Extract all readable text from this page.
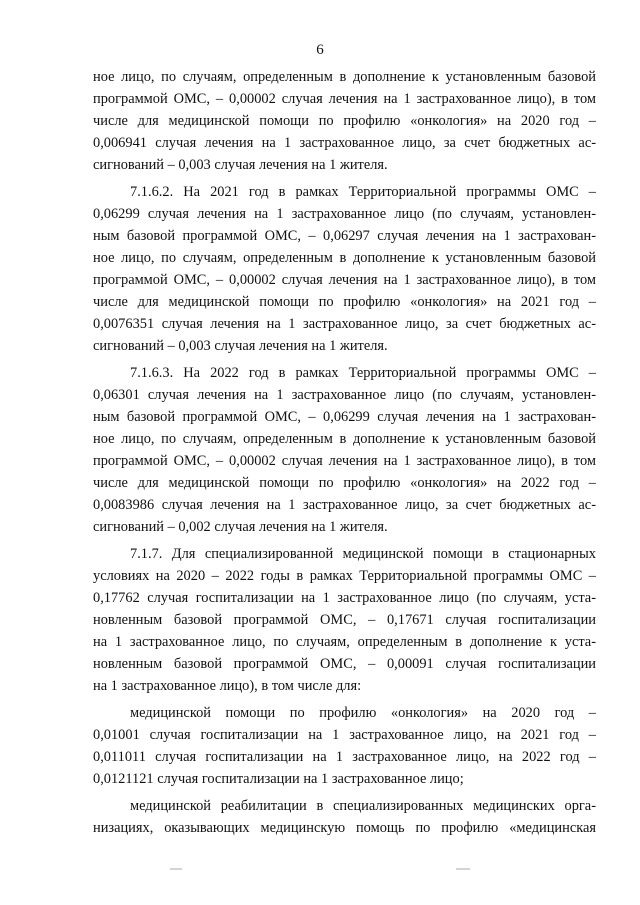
6
ное лицо, по случаям, определенным в дополнение к установленным базовой
программой ОМС, – 0,00002 случая лечения на 1 застрахованное лицо), в том
числе для медицинской помощи по профилю «онкология» на 2020 год –
0,006941 случая лечения на 1 застрахованное лицо, за счет бюджетных ас-
сигнований – 0,003 случая лечения на 1 жителя.
7.1.6.2. На 2021 год в рамках Территориальной программы ОМС –
0,06299 случая лечения на 1 застрахованное лицо (по случаям, установлен-
ным базовой программой ОМС, – 0,06297 случая лечения на 1 застрахован-
ное лицо, по случаям, определенным в дополнение к установленным базовой
программой ОМС, – 0,00002 случая лечения на 1 застрахованное лицо), в том
числе для медицинской помощи по профилю «онкология» на 2021 год –
0,0076351 случая лечения на 1 застрахованное лицо, за счет бюджетных ас-
сигнований – 0,003 случая лечения на 1 жителя.
7.1.6.3. На 2022 год в рамках Территориальной программы ОМС –
0,06301 случая лечения на 1 застрахованное лицо (по случаям, установлен-
ным базовой программой ОМС, – 0,06299 случая лечения на 1 застрахован-
ное лицо, по случаям, определенным в дополнение к установленным базовой
программой ОМС, – 0,00002 случая лечения на 1 застрахованное лицо), в том
числе для медицинской помощи по профилю «онкология» на 2022 год –
0,0083986 случая лечения на 1 застрахованное лицо, за счет бюджетных ас-
сигнований – 0,002 случая лечения на 1 жителя.
7.1.7. Для специализированной медицинской помощи в стационарных
условиях на 2020 – 2022 годы в рамках Территориальной программы ОМС –
0,17762 случая госпитализации на 1 застрахованное лицо (по случаям, уста-
новленным базовой программой ОМС, – 0,17671 случая госпитализации
на 1 застрахованное лицо, по случаям, определенным в дополнение к уста-
новленным базовой программой ОМС, – 0,00091 случая госпитализации
на 1 застрахованное лицо), в том числе для:
медицинской помощи по профилю «онкология» на 2020 год –
0,01001 случая госпитализации на 1 застрахованное лицо, на 2021 год –
0,011011 случая госпитализации на 1 застрахованное лицо, на 2022 год –
0,0121121 случая госпитализации на 1 застрахованное лицо;
медицинской реабилитации в специализированных медицинских орга-
низациях, оказывающих медицинскую помощь по профилю «медицинская
